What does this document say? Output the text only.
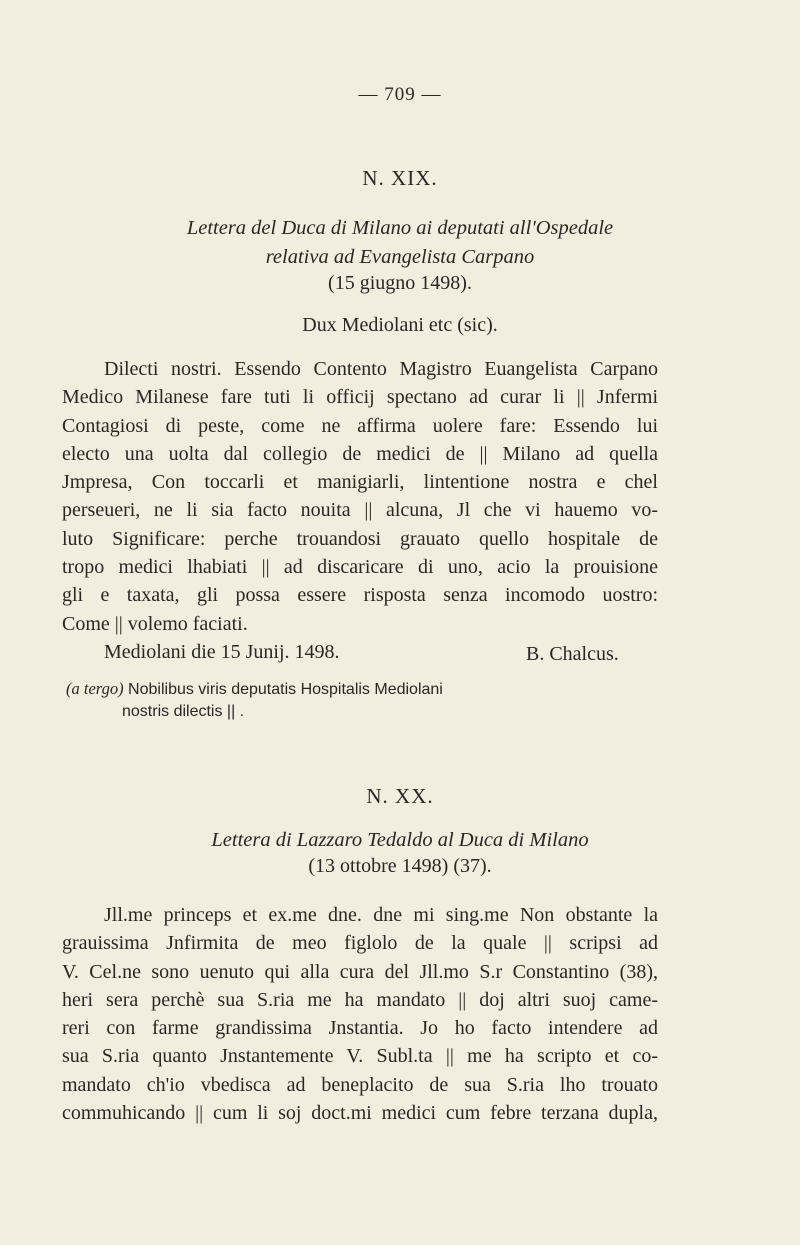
— 709 —
N. XIX.
Lettera del Duca di Milano ai deputati all'Ospedale
relativa ad Evangelista Carpano
(15 giugno 1498).
Dux Mediolani etc (sic).
Dilecti nostri. Essendo Contento Magistro Euangelista Carpano
Medico Milanese fare tuti li officij spectano ad curar li || Jnfermi
Contagiosi di peste, come ne affirma uolere fare: Essendo lui
electo una uolta dal collegio de medici de || Milano ad quella
Jmpresa, Con toccarli et manigiarli, lintentione nostra e chel
perseueri, ne li sia facto nouita || alcuna, Jl che vi hauemo vo-
luto Significare: perche trouandosi grauato quello hospitale de
tropo medici lhabiati || ad discaricare di uno, acio la prouisione
gli e taxata, gli possa essere risposta senza incomodo uostro:
Come || volemo faciati.
Mediolani die 15 Junij. 1498.	B. Chalcus.
(a tergo) Nobilibus viris deputatis Hospitalis Mediolani
nostris dilectis || .
N. XX.
Lettera di Lazzaro Tedaldo al Duca di Milano
(13 ottobre 1498) (37).
Jll.me princeps et ex.me dne. dne mi sing.me Non obstante la
grauissima Jnfirmita de meo figlolo de la quale || scripsi ad
V. Cel.ne sono uenuto qui alla cura del Jll.mo S.r Constantino (38),
heri sera perchè sua S.ria me ha mandato || doj altri suoj came-
reri con farme grandissima Jnstantia. Jo ho facto intendere ad
sua S.ria quanto Jnstantemente V. Subl.ta || me ha scripto et co-
mandato ch'io vbedisca ad beneplacito de sua S.ria lho trouato
commuhicando || cum li soj doct.mi medici cum febre terzana dupla,
